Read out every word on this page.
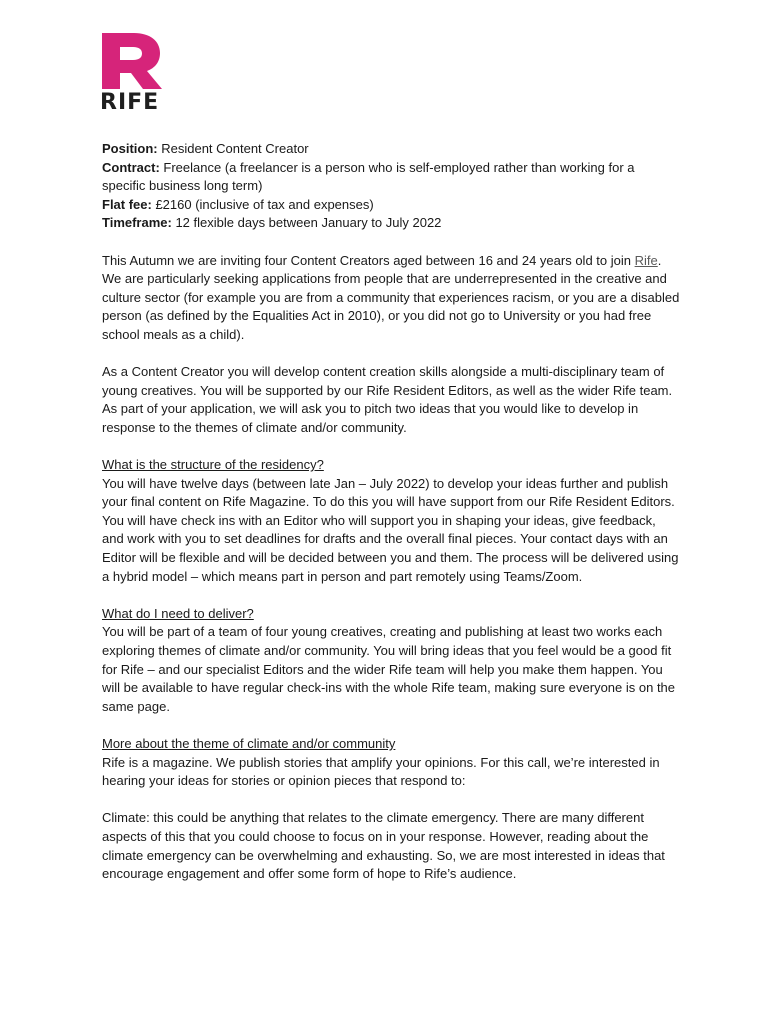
RIFE

Position: Resident Content Creator

Contract: Freelance (a freelancer is a person who is self-employed rather than working for a specific business long term)

Flat fee: £2160 (inclusive of tax and expenses)

Timeframe: 12 flexible days between January to July 2022

This Autumn we are inviting four Content Creators aged between 16 and 24 years old to join Rife. We are particularly seeking applications from people that are underrepresented in the creative and culture sector (for example you are from a community that experiences racism, or you are a disabled person (as defined by the Equalities Act in 2010), or you did not go to University or you had free school meals as a child).

As a Content Creator you will develop content creation skills alongside a multi-disciplinary team of young creatives. You will be supported by our Rife Resident Editors, as well as the wider Rife team. As part of your application, we will ask you to pitch two ideas that you would like to develop in response to the themes of climate and/or community.

What is the structure of the residency?

You will have twelve days (between late Jan – July 2022) to develop your ideas further and publish your final content on Rife Magazine. To do this you will have support from our Rife Resident Editors. You will have check ins with an Editor who will support you in shaping your ideas, give feedback, and work with you to set deadlines for drafts and the overall final pieces. Your contact days with an Editor will be flexible and will be decided between you and them. The process will be delivered using a hybrid model – which means part in person and part remotely using Teams/Zoom.

What do I need to deliver?

You will be part of a team of four young creatives, creating and publishing at least two works each exploring themes of climate and/or community. You will bring ideas that you feel would be a good fit for Rife – and our specialist Editors and the wider Rife team will help you make them happen. You will be available to have regular check-ins with the whole Rife team, making sure everyone is on the same page.

More about the theme of climate and/or community

Rife is a magazine. We publish stories that amplify your opinions. For this call, we’re interested in hearing your ideas for stories or opinion pieces that respond to:

Climate: this could be anything that relates to the climate emergency. There are many different aspects of this that you could choose to focus on in your response. However, reading about the climate emergency can be overwhelming and exhausting. So, we are most interested in ideas that encourage engagement and offer some form of hope to Rife’s audience.
